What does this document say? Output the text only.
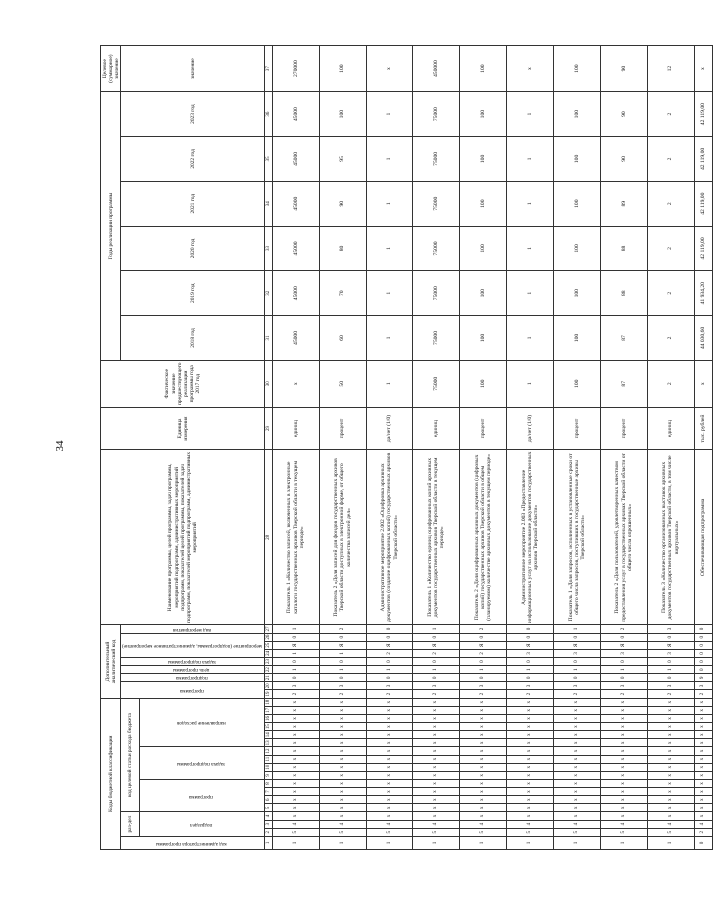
34
Коды бюджетной классификации																		Дополнительный аналитический код									Наименование программы, целей программы, задач программы, мероприятий подпрограмм, административных мероприятий подпрограмм, показателей целей программы, показателей задач подпрограмм, показателей мероприятий подпрограмм, административных мероприятий	Единица измерения	Фактическое значение предшествующего реализации программы года 2017 год	Годы реализации программы						Целевое (суммарное) значение
код администратора программы	раз-дел			код целевой статьи расхода бюджета														программа		подпрограмма	цель программы	задача подпрограммы	мероприятие (подпрограммы, административное мероприятие)			вид мероприятия				2018 год	2019 год	2020 год	2021 год	2022 год	2023 год	значение
	подраздел			программа				задача подпрограммы				направление расходов																								
1	2	3	4	5	6	7	8	9	10	11	12	13	14	15	16	17	18	19	20	21	22	23	24	25	26	27	28	29	30	31	32	33	34	35	36	37
1	5	4	х	х	х	х	х	х	х	х	х	х	х	х	х	х	х	2	3	0	1	0	1	Я	0	1	Показатель 1 «Количество записей, включенных в электронные каталоги государственных архивов Тверской области в текущем периоде»	единиц	х	45000	45000	45000	45000	45000	45000	270000
1	5	4	х	х	х	х	х	х	х	х	х	х	х	х	х	х	х	2	3	0	1	0	1	Я	0	2	Показатель 2 «Доля записей для фондов государственных архивов Тверской области доступных в электронной форме, от общего количества записей дел»	процент	50	60	70	80	90	95	100	100
1	5	4	х	х	х	х	х	х	х	х	х	х	х	х	х	х	х	2	3	0	1	0	2	Я	0	0	Административное мероприятие 2.002 «Оцифровка архивных документов (создание оцифрованных копий) государственных архивов Тверской области»	да/нет (1/0)	1	1	1	1	1	1	1	х
1	5	4	х	х	х	х	х	х	х	х	х	х	х	х	х	х	х	2	3	0	1	0	2	Я	0	1	Показатель 1 «Количество единиц оцифрованных копий архивных документов государственных архивов Тверской области в текущем периоде»	единиц	75000	75000	75000	75000	75000	75000	75000	450000
1	5	4	х	х	х	х	х	х	х	х	х	х	х	х	х	х	х	2	3	0	1	0	2	Я	0	2	Показатель 2 «Доля оцифрованных архивных документов (цифровых копий) государственных архивов Тверской области в общем (планируемом) количестве архивных документов в текущем периоде»	процент	100	100	100	100	100	100	100	100
1	5	4	х	х	х	х	х	х	х	х	х	х	х	х	х	х	х	2	3	0	1	0	3	Я	0	0	Административное мероприятие 2.003 «Предоставление информационных услуг на использование документов государственных архивов Тверской области»	да/нет (1/0)	1	1	1	1	1	1	1	х
1	5	4	х	х	х	х	х	х	х	х	х	х	х	х	х	х	х	2	3	0	1	0	3	Я	0	1	Показатель 1 «Доля запросов, исполненных в установленные сроки от общего числа запросов, поступивших в государственные архивы Тверской области»	процент	100	100	100	100	100	100	100	100
1	5	4	х	х	х	х	х	х	х	х	х	х	х	х	х	х	х	2	3	0	1	0	3	Я	0	2	Показатель 2 «Доля пользователей, удовлетворенных качеством предоставления услуг в государственных архивах Тверской области от общего числа опрошенных»	процент	87	87	88	88	89	90	90	90
1	5	4	х	х	х	х	х	х	х	х	х	х	х	х	х	х	х	2	3	0	1	0	3	Я	0	3	Показатель 3 «Количество организованных выставок архивных документов государственных архивов Тверской области, в том числе виртуальных»	единиц	2	2	2	2	2	2	2	12
0	2	4	х	х	х	х	х	х	х	х	х	х	х	х	х	х	х	2	3	9	0	0	0	0	0	0	Обеспечивающая подпрограмма	тыс. рублей	х	44 030,60	41 934,20	42 119,00	42 119,00	42 119,00	42 119,00	х
